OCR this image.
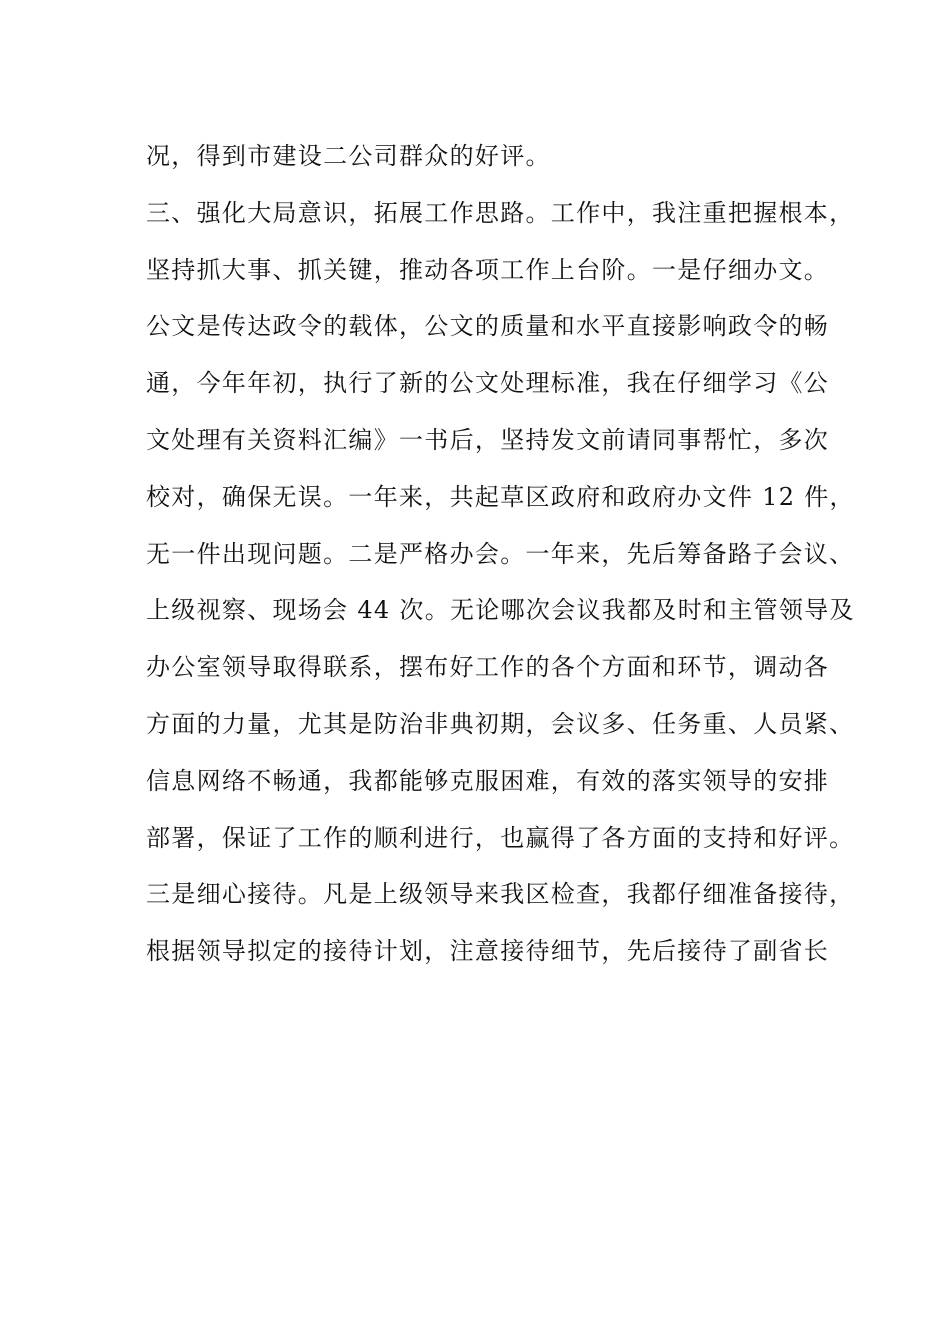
况，得到市建设二公司群众的好评。
三、强化大局意识，拓展工作思路。工作中，我注重把握根本，
坚持抓大事、抓关键，推动各项工作上台阶。一是仔细办文。
公文是传达政令的载体，公文的质量和水平直接影响政令的畅
通，今年年初，执行了新的公文处理标准，我在仔细学习《公
文处理有关资料汇编》一书后，坚持发文前请同事帮忙，多次
校对，确保无误。一年来，共起草区政府和政府办文件 12 件，
无一件出现问题。二是严格办会。一年来，先后筹备路子会议、
上级视察、现场会 44 次。无论哪次会议我都及时和主管领导及
办公室领导取得联系，摆布好工作的各个方面和环节，调动各
方面的力量，尤其是防治非典初期，会议多、任务重、人员紧、
信息网络不畅通，我都能够克服困难，有效的落实领导的安排
部署，保证了工作的顺利进行，也赢得了各方面的支持和好评。
三是细心接待。凡是上级领导来我区检查，我都仔细准备接待，
根据领导拟定的接待计划，注意接待细节，先后接待了副省长
